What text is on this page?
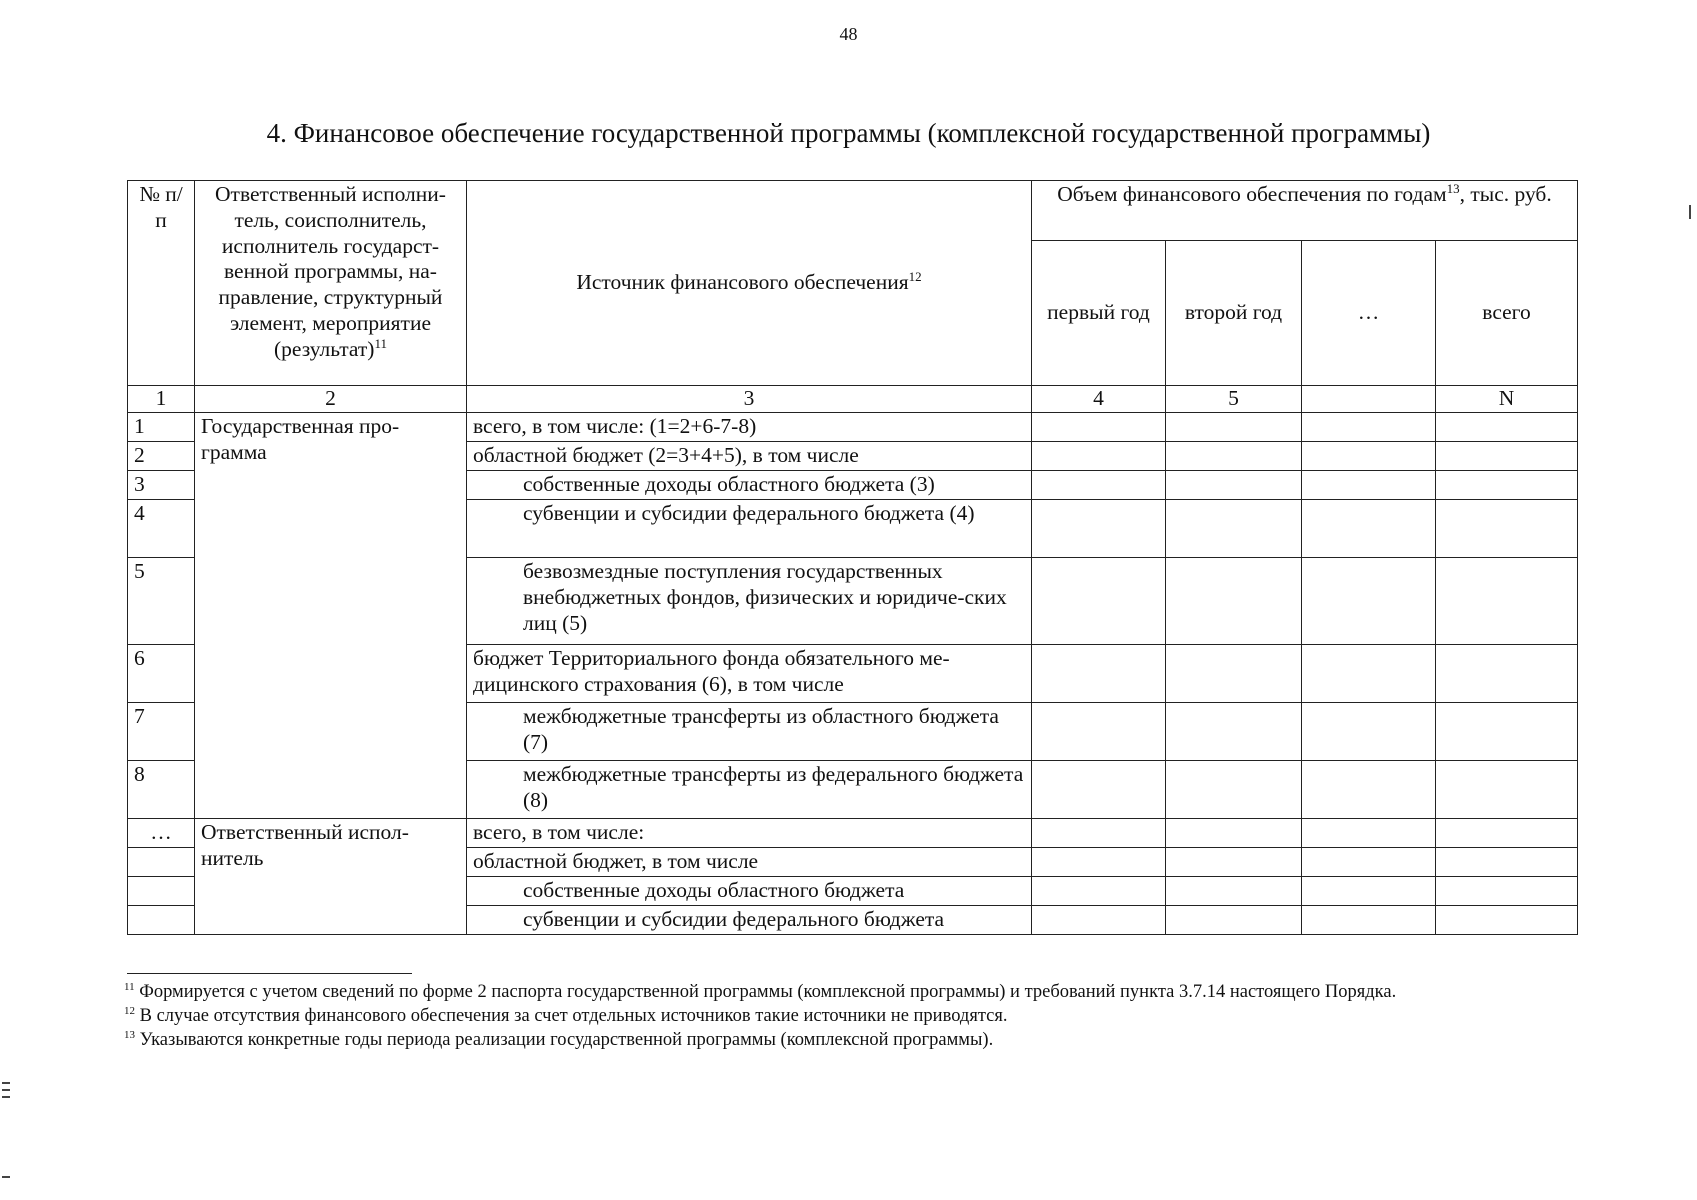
48
4. Финансовое обеспечение государственной программы (комплексной государственной программы)
№ п/п	Ответственный исполни-тель, соисполнитель, исполнитель государст-венной программы, на-правление, структурный элемент, мероприятие (результат)$^{11}$	Источник финансового обеспечения$^{12}$	Объем финансового обеспечения по годам$^{13}$, тыс. руб.			
			первый год	второй год	…	всего
1	2	3	4	5		N
1	Государственная про-грамма	всего, в том числе: (1=2+6-7-8)				
2		областной бюджет (2=3+4+5), в том числе				
3		собственные доходы областного бюджета (3)				
4		субвенции и субсидии федерального бюджета (4)				
5		безвозмездные поступления государственных внебюджетных фондов, физических и юридиче-ских лиц (5)				
6		бюджет Территориального фонда обязательного ме-дицинского страхования (6), в том числе				
7		межбюджетные трансферты из областного бюджета (7)				
8		межбюджетные трансферты из федерального бюджета (8)				
…	Ответственный испол-нитель	всего, в том числе:				
		областной бюджет, в том числе				
		собственные доходы областного бюджета				
		субвенции и субсидии федерального бюджета				

$^{11}$ Формируется с учетом сведений по форме 2 паспорта государственной программы (комплексной программы) и требований пункта 3.7.14 настоящего Порядка.

$^{12}$ В случае отсутствия финансового обеспечения за счет отдельных источников такие источники не приводятся.

$^{13}$ Указываются конкретные годы периода реализации государственной программы (комплексной программы).
